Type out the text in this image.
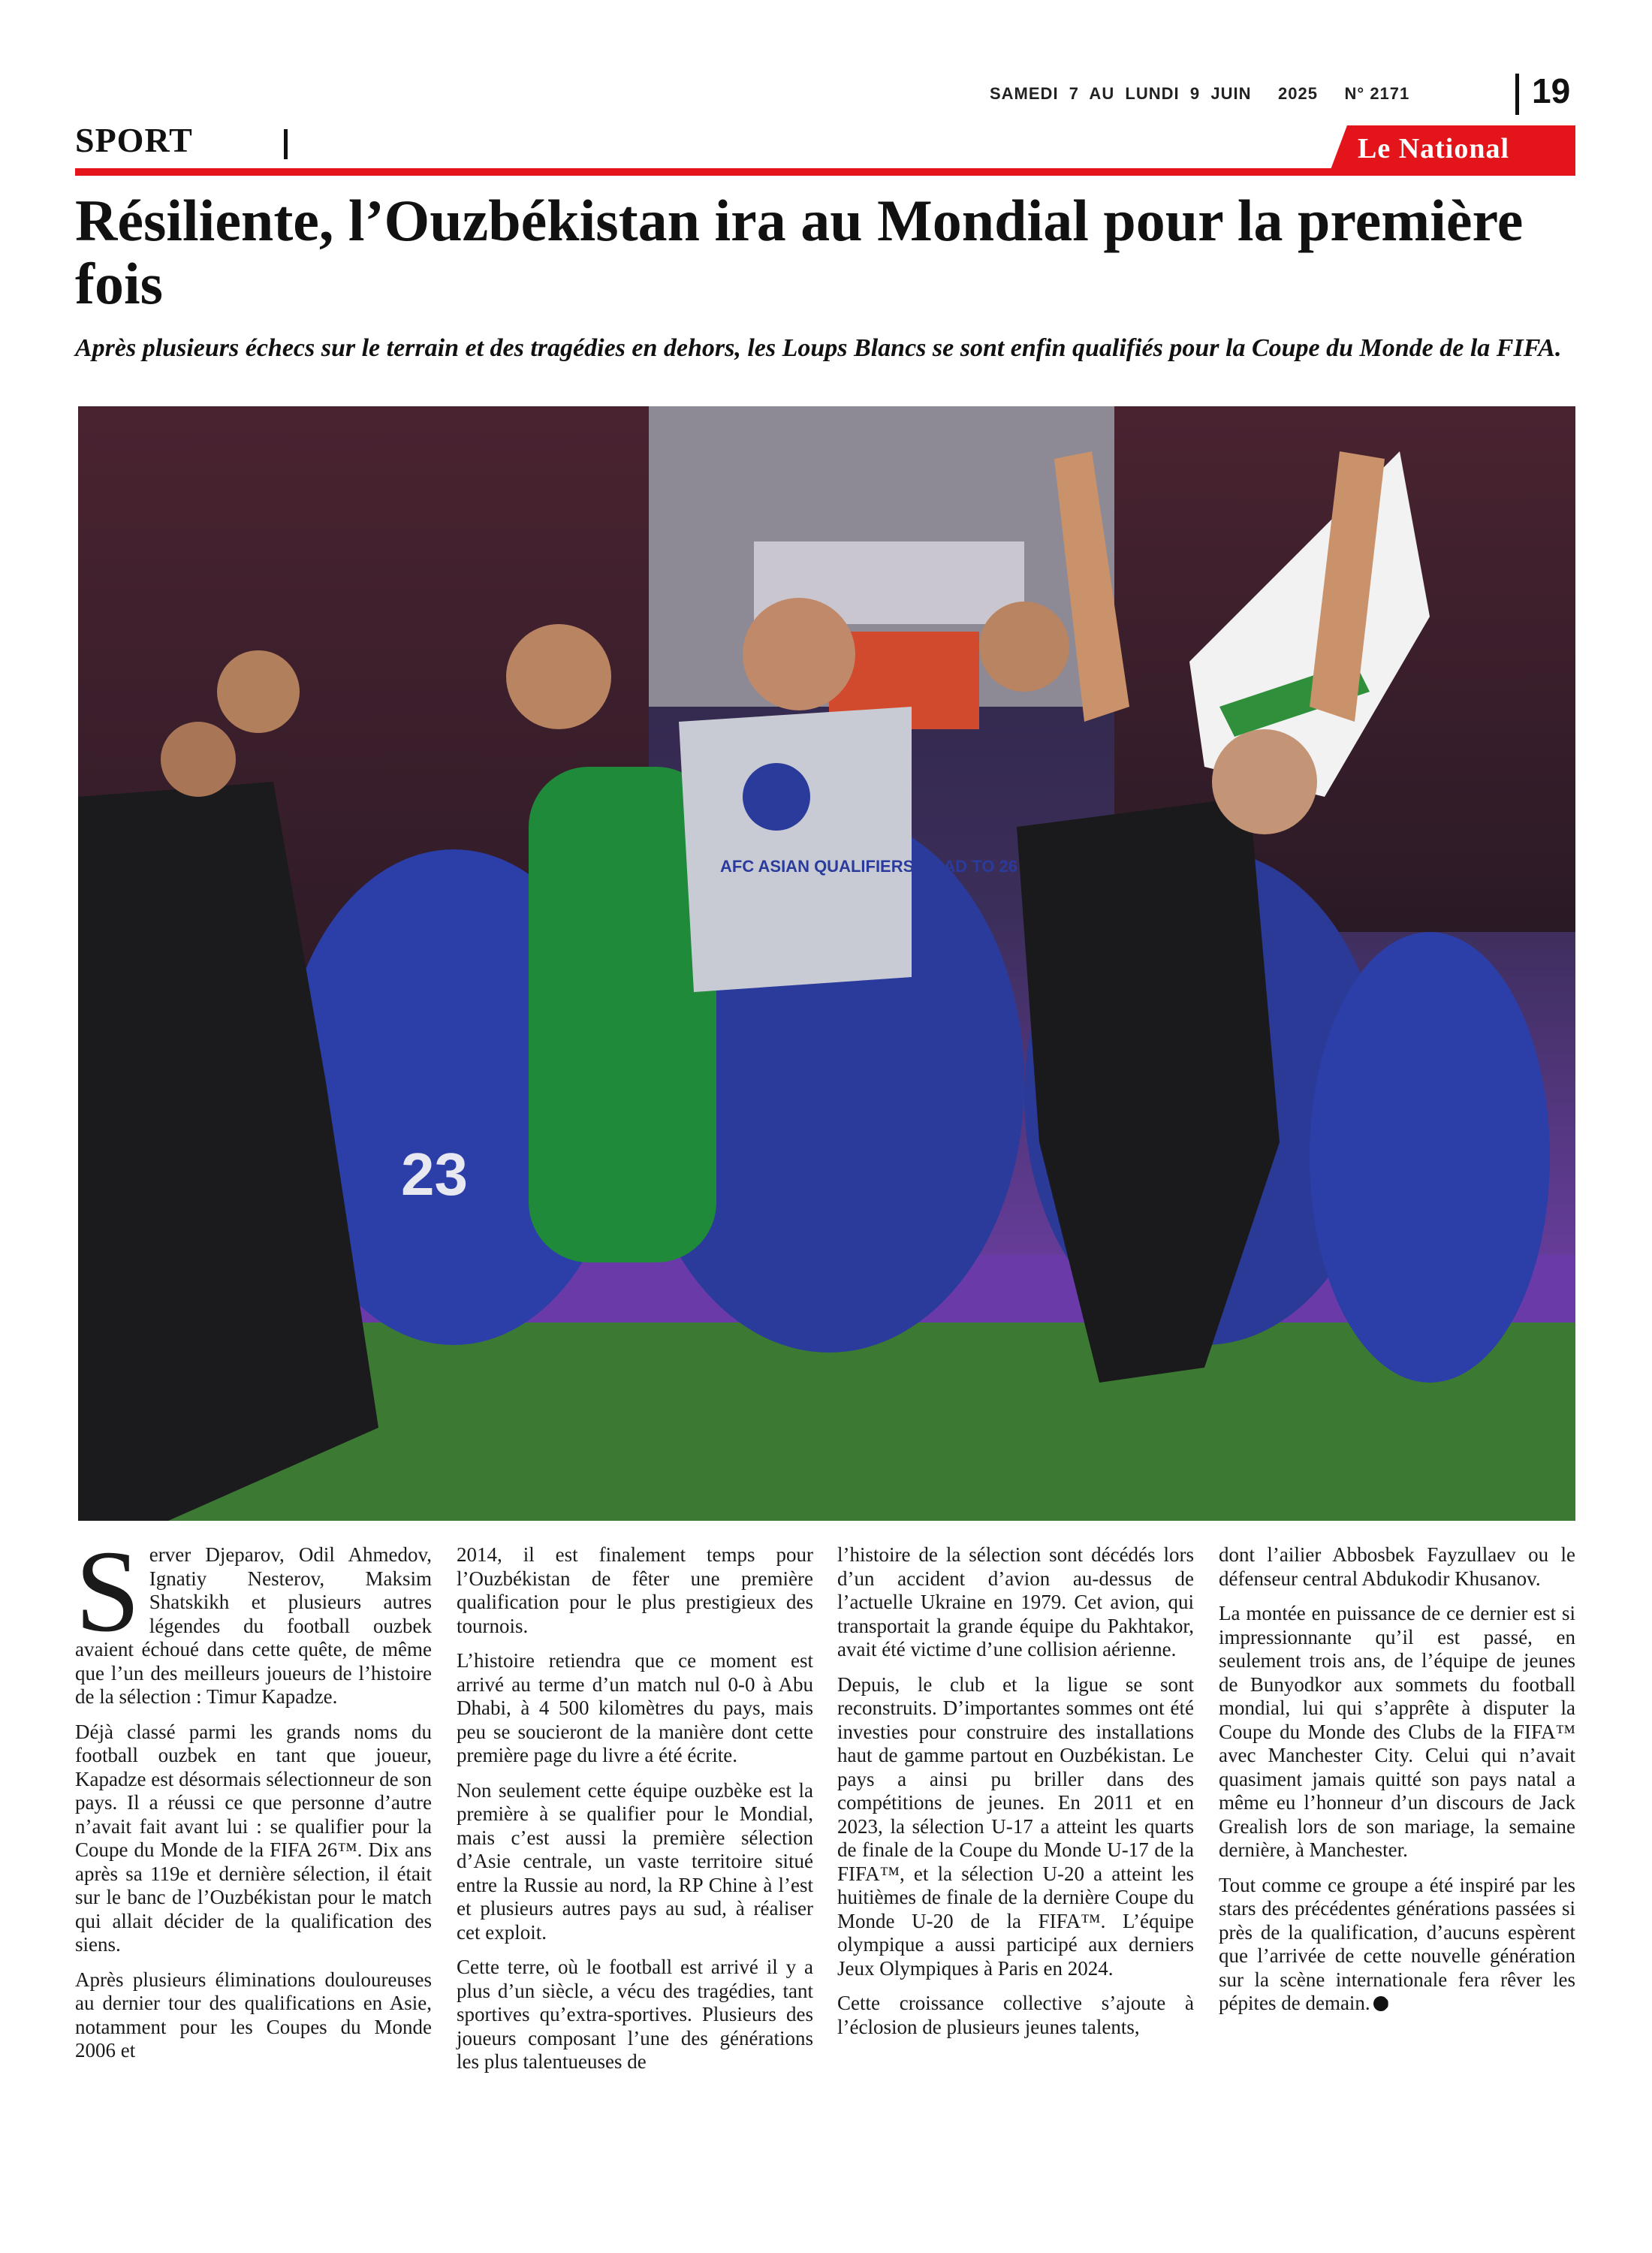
SAMEDI  7  AU  LUNDI  9  JUIN     2025     N° 2171	19
SPORT	Le National
Résiliente, l’Ouzbékistan ira au Mondial pour la première fois
Après plusieurs échecs sur le terrain et des tragédies en dehors, les Loups Blancs se sont enfin qualifiés pour la Coupe du Monde de la FIFA.
23
AFC ASIAN QUALIFIERS ROAD TO 26

Server Djeparov, Odil Ahmedov, Ignatiy Nesterov, Maksim Shatskikh et plusieurs autres légendes du football ouzbek avaient échoué dans cette quête, de même que l’un des meilleurs joueurs de l’histoire de la sélection : Timur Kapadze.

Déjà classé parmi les grands noms du football ouzbek en tant que joueur, Kapadze est désormais sélectionneur de son pays. Il a réussi ce que personne d’autre n’avait fait avant lui : se qualifier pour la Coupe du Monde de la FIFA 26™. Dix ans après sa 119e et dernière sélection, il était sur le banc de l’Ouzbékistan pour le match qui allait décider de la qualification des siens.

Après plusieurs éliminations douloureuses au dernier tour des qualifications en Asie, notamment pour les Coupes du Monde 2006 et

2014, il est finalement temps pour l’Ouzbékistan de fêter une première qualification pour le plus prestigieux des tournois.

L’histoire retiendra que ce moment est arrivé au terme d’un match nul 0-0 à Abu Dhabi, à 4 500 kilomètres du pays, mais peu se soucieront de la manière dont cette première page du livre a été écrite.

Non seulement cette équipe ouzbèke est la première à se qualifier pour le Mondial, mais c’est aussi la première sélection d’Asie centrale, un vaste territoire situé entre la Russie au nord, la RP Chine à l’est et plusieurs autres pays au sud, à réaliser cet exploit.

Cette terre, où le football est arrivé il y a plus d’un siècle, a vécu des tragédies, tant sportives qu’extra-sportives. Plusieurs des joueurs composant l’une des générations les plus talentueuses de

l’histoire de la sélection sont décédés lors d’un accident d’avion au-dessus de l’actuelle Ukraine en 1979. Cet avion, qui transportait la grande équipe du Pakhtakor, avait été victime d’une collision aérienne.

Depuis, le club et la ligue se sont reconstruits. D’importantes sommes ont été investies pour construire des installations haut de gamme partout en Ouzbékistan. Le pays a ainsi pu briller dans des compétitions de jeunes. En 2011 et en 2023, la sélection U-17 a atteint les quarts de finale de la Coupe du Monde U-17 de la FIFA™, et la sélection U-20 a atteint les huitièmes de finale de la dernière Coupe du Monde U-20 de la FIFA™. L’équipe olympique a aussi participé aux derniers Jeux Olympiques à Paris en 2024.

Cette croissance collective s’ajoute à l’éclosion de plusieurs jeunes talents,

dont l’ailier Abbosbek Fayzullaev ou le défenseur central Abdukodir Khusanov.

La montée en puissance de ce dernier est si impressionnante qu’il est passé, en seulement trois ans, de l’équipe de jeunes de Bunyodkor aux sommets du football mondial, lui qui s’apprête à disputer la Coupe du Monde des Clubs de la FIFA™ avec Manchester City. Celui qui n’avait quasiment jamais quitté son pays natal a même eu l’honneur d’un discours de Jack Grealish lors de son mariage, la semaine dernière, à Manchester.

Tout comme ce groupe a été inspiré par les stars des précédentes générations passées si près de la qualification, d’aucuns espèrent que l’arrivée de cette nouvelle génération sur la scène internationale fera rêver les pépites de demain.
